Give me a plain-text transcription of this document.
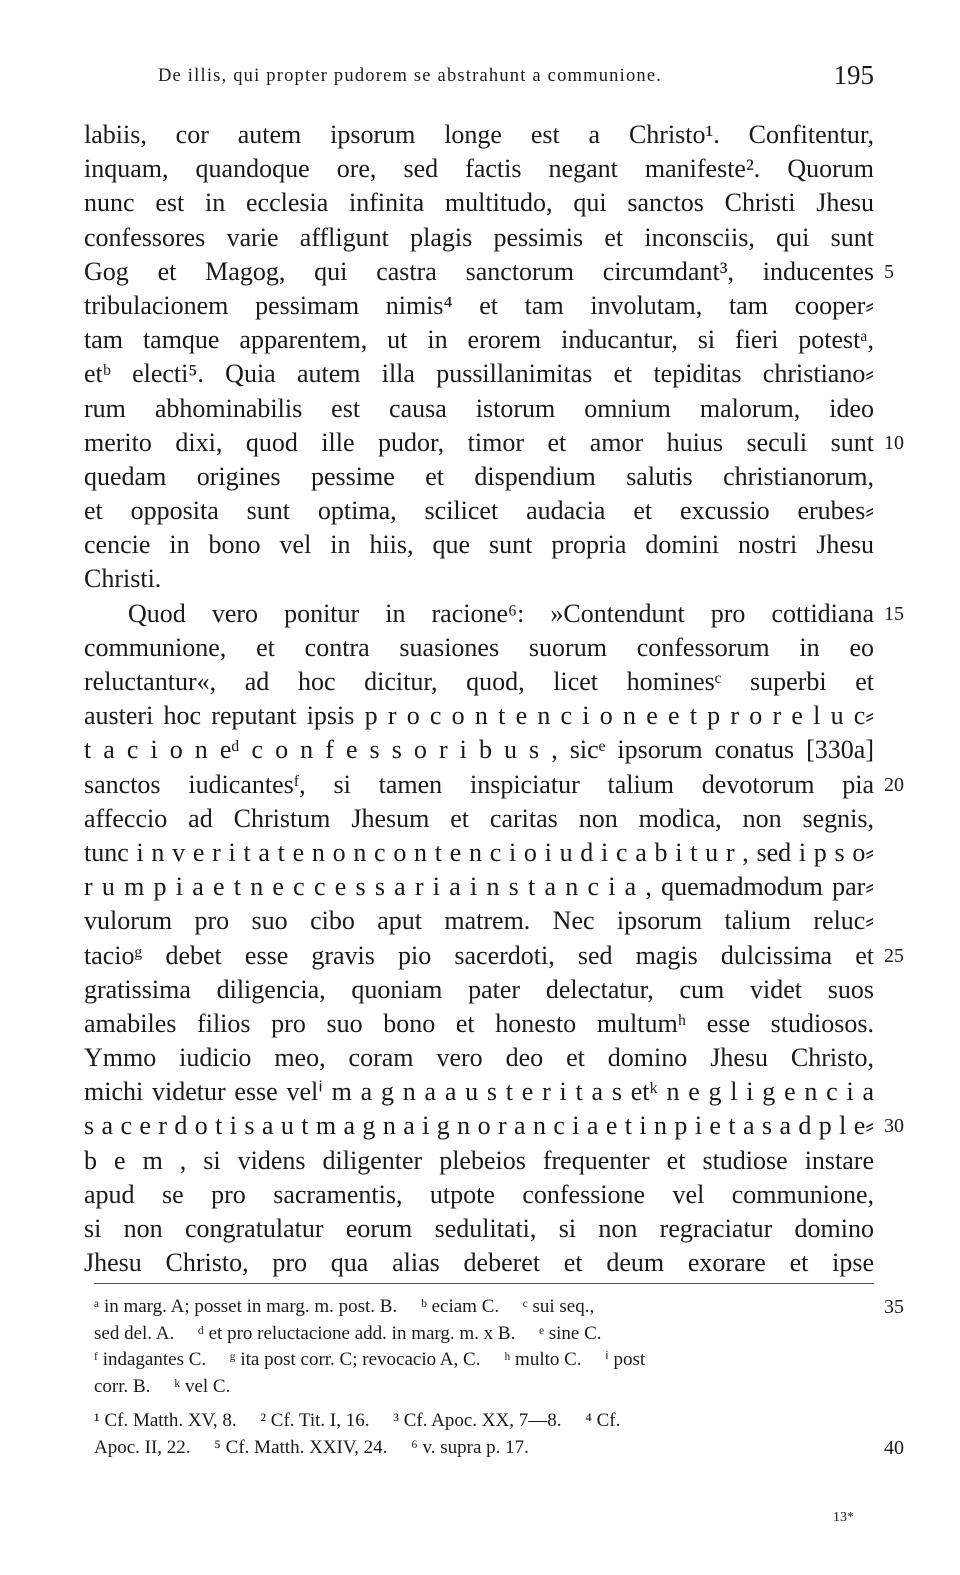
De illis, qui propter pudorem se abstrahunt a communione.	195
labiis, cor autem ipsorum longe est a Christo¹. Confitentur,
inquam, quandoque ore, sed factis negant manifeste². Quorum
nunc est in ecclesia infinita multitudo, qui sanctos Christi Jhesu
confessores varie affligunt plagis pessimis et inconsciis, qui sunt
Gog et Magog, qui castra sanctorum circumdant³, inducentes 5
tribulacionem pessimam nimis⁴ et tam involutam, tam cooper⸗
tam tamque apparentem, ut in erorem inducantur, si fieri potestᵃ,
etᵇ electi⁵. Quia autem illa pussillanimitas et tepiditas christiano⸗
rum abhominabilis est causa istorum omnium malorum, ideo
merito dixi, quod ille pudor, timor et amor huius seculi sunt 10
quedam origines pessime et dispendium salutis christianorum,
et opposita sunt optima, scilicet audacia et excussio erubes⸗
cencie in bono vel in hiis, que sunt propria domini nostri Jhesu
Christi.
Quod vero ponitur in racione⁶: »Contendunt pro cottidiana 15
communione, et contra suasiones suorum confessorum in eo
reluctantur«, ad hoc dicitur, quod, licet hominesᶜ superbi et
austeri hoc reputant ipsis p r o c o n t e n c i o n e e t p r o r e l u c⸗
t a c i o n eᵈ c o n f e s s o r i b u s , sicᵉ ipsorum conatus [330a]
sanctos iudicantesᶠ, si tamen inspiciatur talium devotorum pia 20
affeccio ad Christum Jhesum et caritas non modica, non segnis,
tunc i n v e r i t a t e n o n c o n t e n c i o i u d i c a b i t u r , sed i p s o⸗
r u m p i a e t n e c c e s s a r i a i n s t a n c i a , quemadmodum par⸗
vulorum pro suo cibo aput matrem. Nec ipsorum talium reluc⸗
tacioᵍ debet esse gravis pio sacerdoti, sed magis dulcissima et 25
gratissima diligencia, quoniam pater delectatur, cum videt suos
amabiles filios pro suo bono et honesto multumʰ esse studiosos.
Ymmo iudicio meo, coram vero deo et domino Jhesu Christo,
michi videtur esse velⁱ m a g n a a u s t e r i t a s etᵏ n e g l i g e n c i a
s a c e r d o t i s a u t m a g n a i g n o r a n c i a e t i n p i e t a s a d p l e⸗ 30
b e m , si videns diligenter plebeios frequenter et studiose instare
apud se pro sacramentis, utpote confessione vel communione,
si non congratulatur eorum sedulitati, si non regraciatur domino
Jhesu Christo, pro qua alias deberet et deum exorare et ipse
ᵃ in marg. A; posset in marg. m. post. B.     ᵇ eciam C.     ᶜ sui seq.,	35
sed del. A.     ᵈ et pro reluctacione add. in marg. m. x B.     ᵉ sine C.
ᶠ indagantes C.     ᵍ ita post corr. C; revocacio A, C.     ʰ multo C.     ⁱ post
corr. B.     ᵏ vel C.
¹ Cf. Matth. XV, 8.     ² Cf. Tit. I, 16.     ³ Cf. Apoc. XX, 7—8.     ⁴ Cf.
Apoc. II, 22.     ⁵ Cf. Matth. XXIV, 24.     ⁶ v. supra p. 17.	40
13*
